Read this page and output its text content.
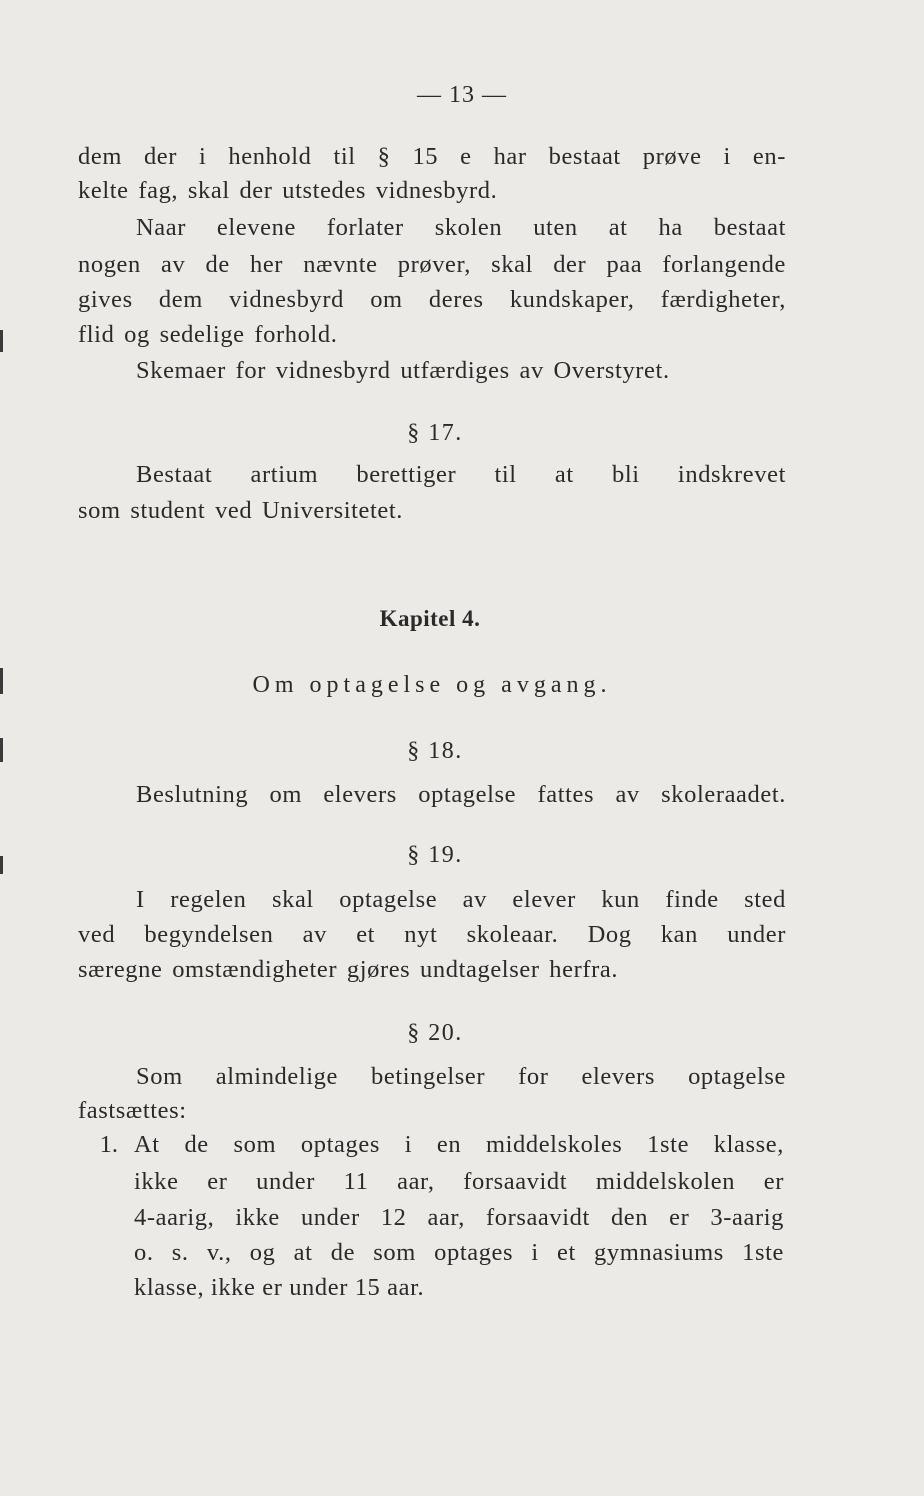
— 13 —
dem der i henhold til § 15 e har bestaat prøve i en-
kelte fag, skal der utstedes vidnesbyrd.
Naar elevene forlater skolen uten at ha bestaat
nogen av de her nævnte prøver, skal der paa forlangende
gives dem vidnesbyrd om deres kundskaper, færdigheter,
flid og sedelige forhold.
Skemaer for vidnesbyrd utfærdiges av Overstyret.
§ 17.
Bestaat artium berettiger til at bli indskrevet
som student ved Universitetet.
Kapitel 4.
Om optagelse og avgang.
§ 18.
Beslutning om elevers optagelse fattes av skoleraadet.
§ 19.
I regelen skal optagelse av elever kun finde sted
ved begyndelsen av et nyt skoleaar. Dog kan under
særegne omstændigheter gjøres undtagelser herfra.
§ 20.
Som almindelige betingelser for elevers optagelse
fastsættes:
1. At de som optages i en middelskoles 1ste klasse,
ikke er under 11 aar, forsaavidt middelskolen er
4-aarig, ikke under 12 aar, forsaavidt den er 3-aarig
o. s. v., og at de som optages i et gymnasiums 1ste
klasse, ikke er under 15 aar.
